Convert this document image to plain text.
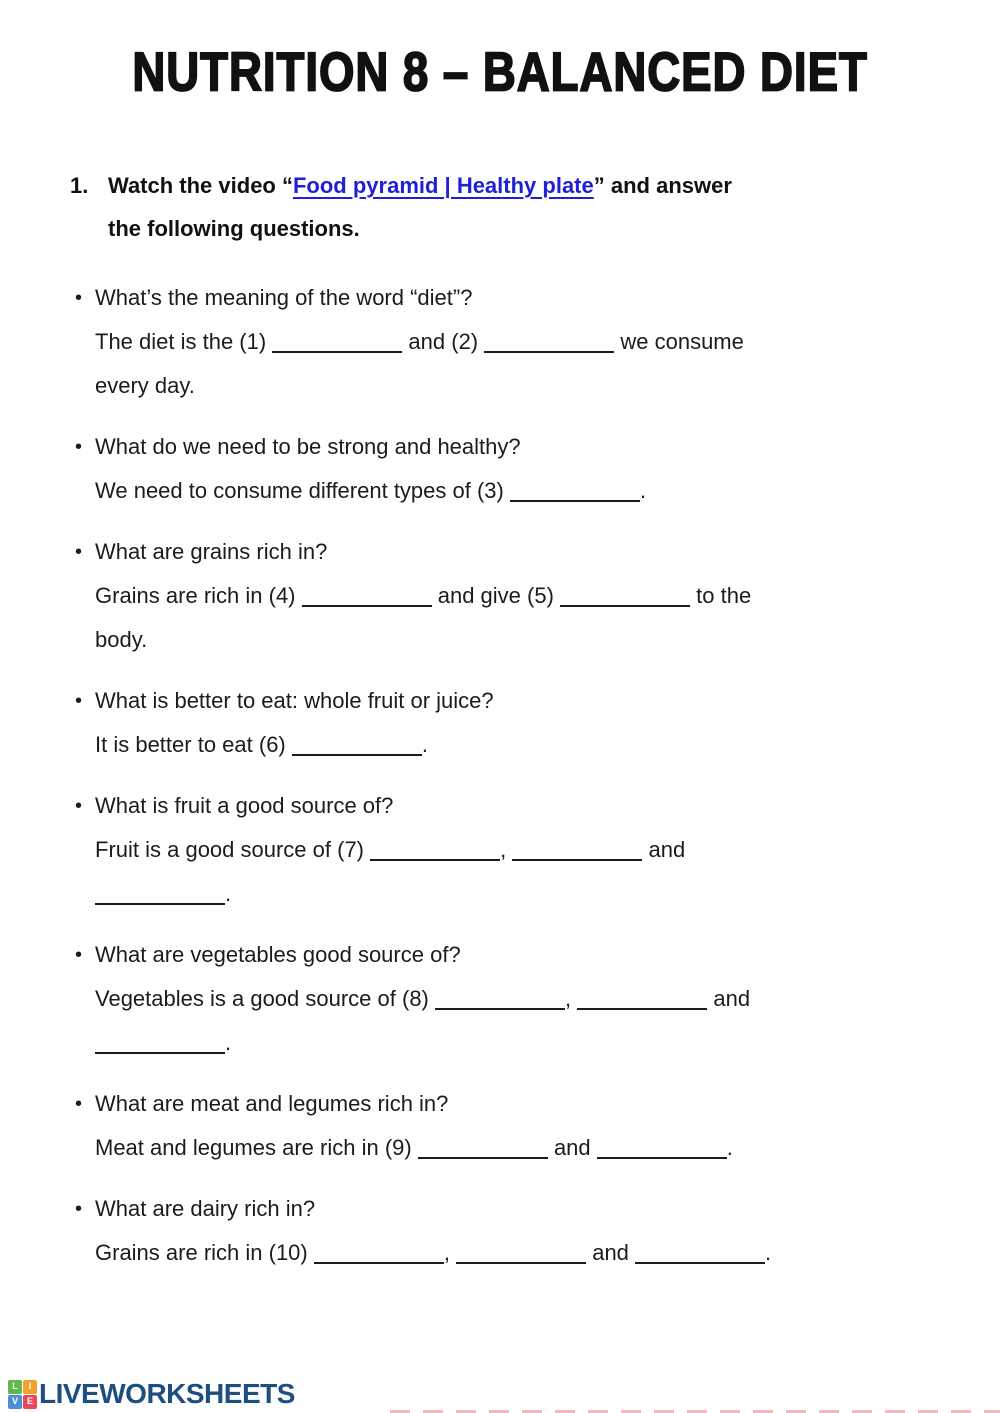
NUTRITION 8 – BALANCED DIET
1. Watch the video “Food pyramid | Healthy plate” and answer
the following questions.
• What’s the meaning of the word “diet”?
The diet is the (1)	and (2)	we consume
every day.
• What do we need to be strong and healthy?
We need to consume different types of (3)	.
• What are grains rich in?
Grains are rich in (4)	and give (5)	to the
body.
• What is better to eat: whole fruit or juice?
It is better to eat (6)	.
• What is fruit a good source of?
Fruit is a good source of (7)	,	and
.
• What are vegetables good source of?
Vegetables is a good source of (8)	,	and
.
• What are meat and legumes rich in?
Meat and legumes are rich in (9)	and	.
• What are dairy rich in?
Grains are rich in (10)	,	and	.
L	I
V E LIVEWORKSHEETS
